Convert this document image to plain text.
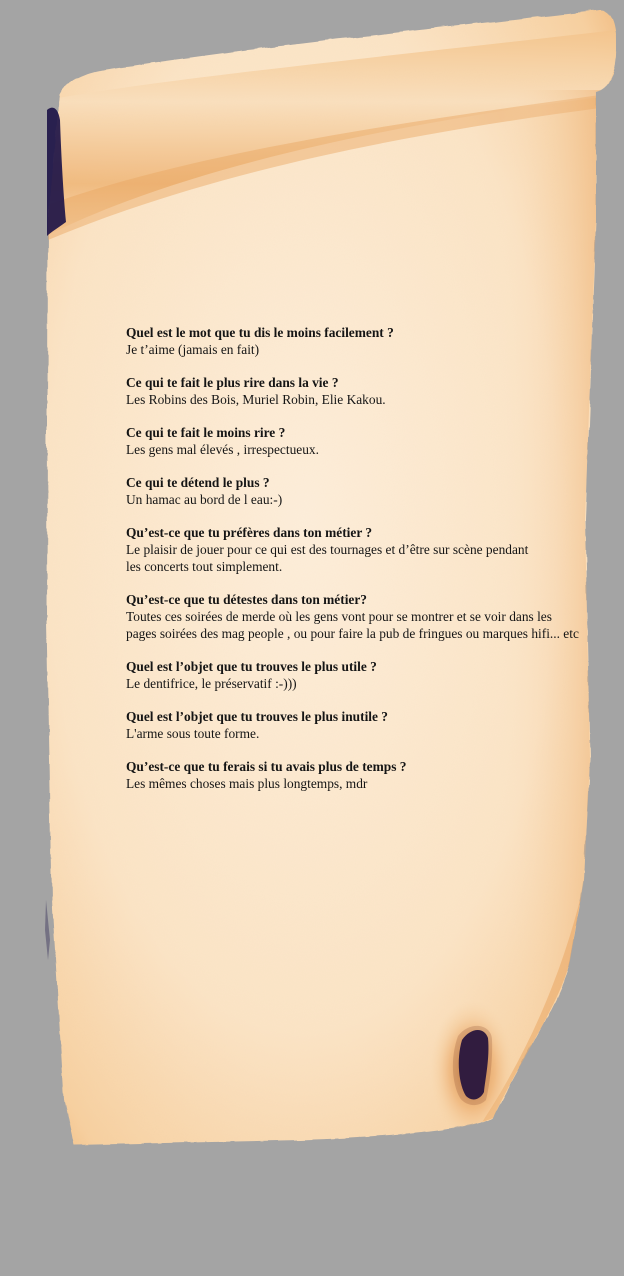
Quel est le mot que tu dis le moins facilement ?
Je t’aime (jamais en fait)
Ce qui te fait le plus rire dans la vie ?
Les Robins des Bois, Muriel Robin, Elie Kakou.
Ce qui te fait le moins rire ?
Les gens mal élevés , irrespectueux.
Ce qui te détend le plus ?
Un hamac au bord de l eau:-)
Qu’est-ce que tu préfères dans ton métier ?
Le plaisir de jouer pour ce qui est des tournages et d’être sur scène pendant
les concerts tout simplement.
Qu’est-ce que tu détestes dans ton métier?
Toutes ces soirées de merde où les gens vont pour se montrer et se voir dans les
pages soirées des mag people , ou pour faire la pub de fringues ou marques hifi... etc
Quel est l’objet que tu trouves le plus utile ?
Le dentifrice, le préservatif :-)))
Quel est l’objet que tu trouves le plus inutile ?
L'arme sous toute forme.
Qu’est-ce que tu ferais si tu avais plus de temps ?
Les mêmes choses mais plus longtemps, mdr
